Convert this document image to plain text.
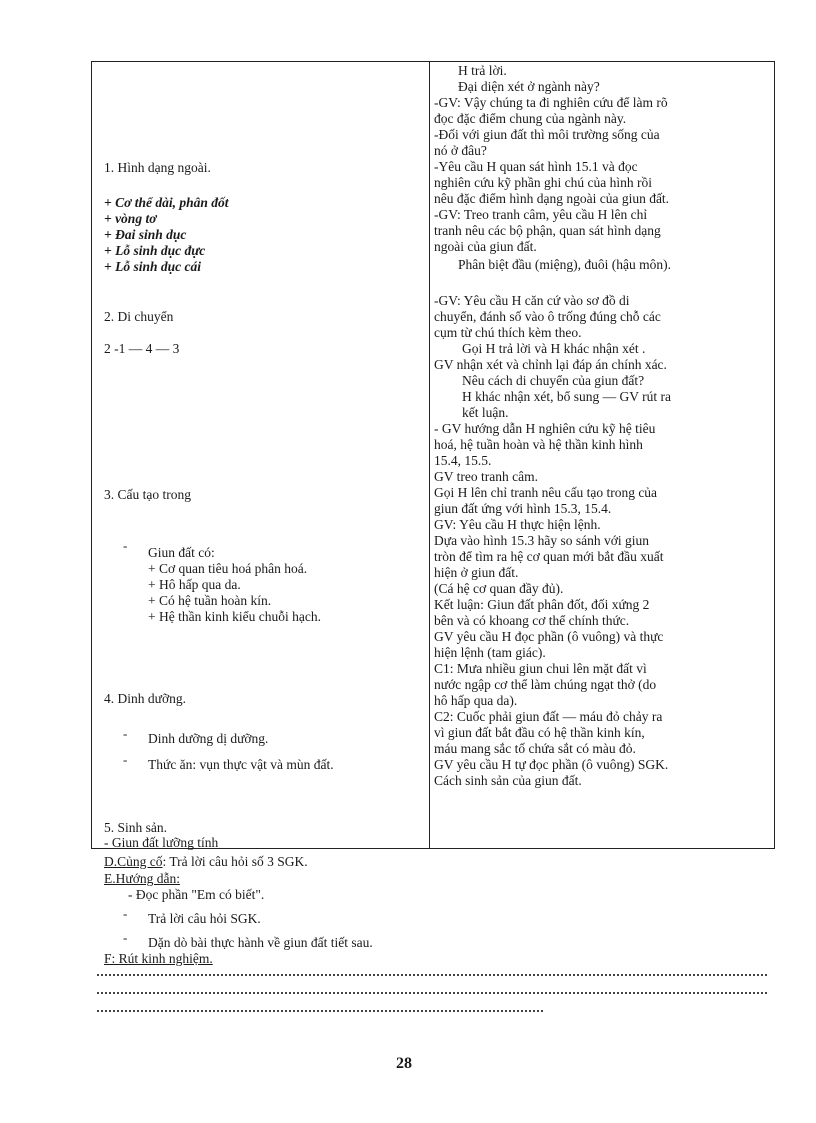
1. Hình dạng ngoài.
+ Cơ thể dài, phân đốt
+ vòng tơ
+ Đai sinh dục
+ Lỗ sinh dục đực
+ Lỗ sinh dục cái
2. Di chuyển
2 -1 — 4 — 3
3. Cấu tạo trong
- Giun đất có:
+ Cơ quan tiêu hoá phân hoá.
+ Hô hấp qua da.
+ Có hệ tuần hoàn kín.
+ Hệ thần kinh kiểu chuỗi hạch.
4. Dinh dưỡng.
- Dinh dưỡng dị dưỡng.
- Thức ăn: vụn thực vật và mùn đất.
5. Sinh sản.
- Giun đất lưỡng tính
H trả lời.
Đại diện xét ở ngành này?
-GV: Vậy chúng ta đi nghiên cứu để làm rõ
đọc đặc điểm chung của ngành này.
-Đối với giun đất thì môi trường sống của
nó ở đâu?
-Yêu cầu H quan sát hình 15.1 và đọc
nghiên cứu kỹ phần ghi chú của hình rồi
nêu đặc điểm hình dạng ngoài của giun đất.
-GV: Treo tranh câm, yêu cầu H lên chỉ
tranh nêu các bộ phận, quan sát hình dạng
ngoài của giun đất.
Phân biệt đầu (miệng), đuôi (hậu môn).
-GV: Yêu cầu H căn cứ vào sơ đồ di
chuyển, đánh số vào ô trống đúng chỗ các
cụm từ chú thích kèm theo.
Gọi H trả lời và H khác nhận xét .
GV nhận xét và chỉnh lại đáp án chính xác.
Nêu cách di chuyển của giun đất?
H khác nhận xét, bổ sung — GV rút ra
kết luận.
- GV hướng dẫn H nghiên cứu kỹ hệ tiêu
hoá, hệ tuần hoàn và hệ thần kinh hình
15.4, 15.5.
GV treo tranh câm.
Gọi H lên chỉ tranh nêu cấu tạo trong của
giun đất ứng với hình 15.3, 15.4.
GV: Yêu cầu H thực hiện lệnh.
Dựa vào hình 15.3 hãy so sánh với giun
tròn để tìm ra hệ cơ quan mới bắt đầu xuất
hiện ở giun đất.
(Cá hệ cơ quan đầy đủ).
Kết luận: Giun đất phân đốt, đối xứng 2
bên và có khoang cơ thể chính thức.
GV yêu cầu H đọc phần (ô vuông) và thực
hiện lệnh (tam giác).
C1: Mưa nhiều giun chui lên mặt đất vì
nước ngập cơ thể làm chúng ngạt thở (do
hô hấp qua da).
C2: Cuốc phải giun đất — máu đỏ chảy ra
vì giun đất bắt đầu có hệ thần kinh kín,
máu mang sắc tố chứa sắt có màu đỏ.
GV yêu cầu H tự đọc phần (ô vuông) SGK.
Cách sinh sản của giun đất.
D.Củng cố: Trả lời câu hỏi số 3 SGK.
E.Hướng dẫn:
- Đọc phần "Em có biết".
- Trả lời câu hỏi SGK.
- Dặn dò bài thực hành về giun đất tiết sau.
F: Rút kinh nghiệm.
28
